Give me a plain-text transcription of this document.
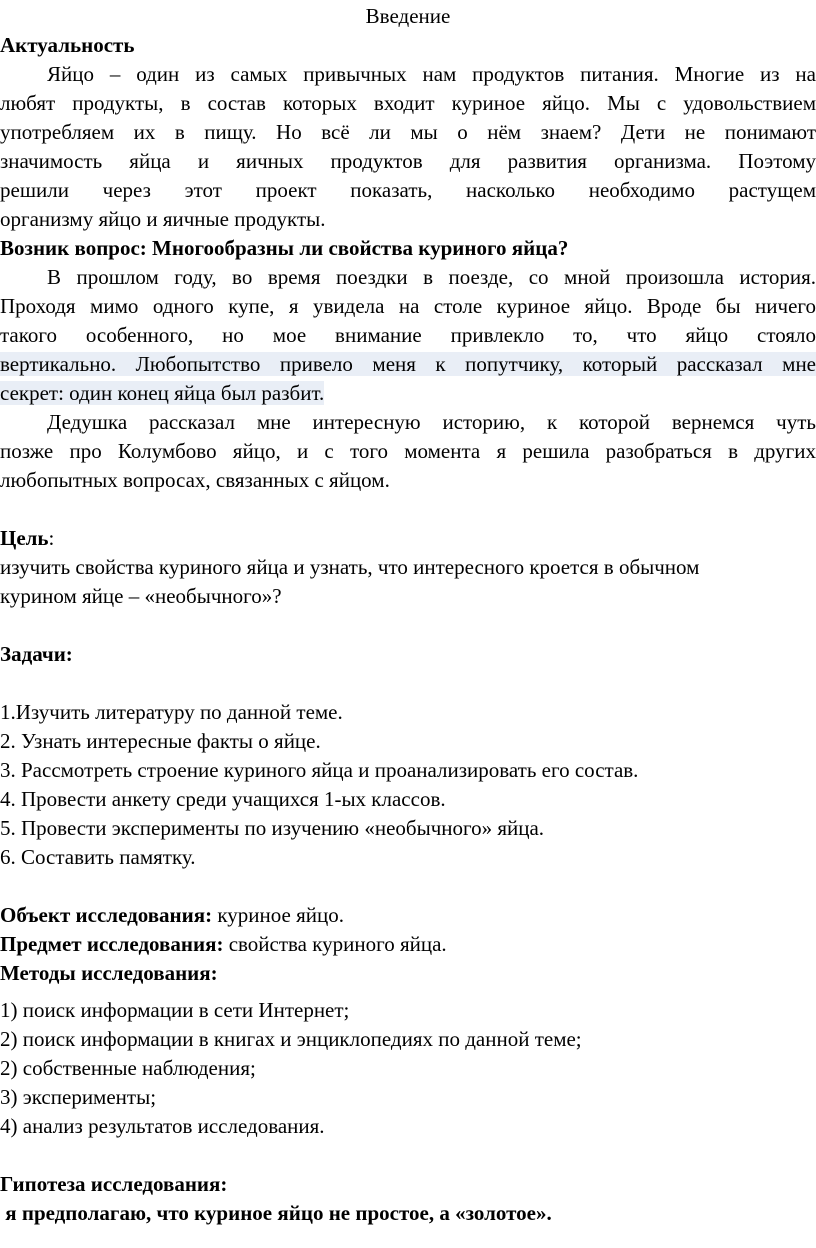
Введение
Актуальность
Яйцо – один из самых привычных нам продуктов питания. Многие из на
любят продукты, в состав которых входит куриное яйцо. Мы с удовольствием
употребляем их в пищу. Но всё ли мы о нём знаем? Дети не понимают
значимость яйца и яичных продуктов для развития организма. Поэтому
решили через этот проект показать, насколько необходимо растущем
организму яйцо и яичные продукты.
Возник вопрос: Многообразны ли свойства куриного яйца?
В прошлом году, во время поездки в поезде, со мной произошла история.
Проходя мимо одного купе, я увидела на столе куриное яйцо. Вроде бы ничего
такого особенного, но мое внимание привлекло то, что яйцо стояло
вертикально. Любопытство привело меня к попутчику, который рассказал мне
секрет: один конец яйца был разбит.
Дедушка рассказал мне интересную историю, к которой вернемся чуть
позже про Колумбово яйцо, и с того момента я решила разобраться в других
любопытных вопросах, связанных с яйцом.
Цель:
изучить свойства куриного яйца и узнать, что интересного кроется в обычном
курином яйце – «необычного»?
Задачи:
1.Изучить литературу по данной теме.
2. Узнать интересные факты о яйце.
3. Рассмотреть строение куриного яйца и проанализировать его состав.
4. Провести анкету среди учащихся 1-ых классов.
5. Провести эксперименты по изучению «необычного» яйца.
6. Составить памятку.
Объект исследования: куриное яйцо.
Предмет исследования: свойства куриного яйца.
Методы исследования:
1) поиск информации в сети Интернет;
2) поиск информации в книгах и энциклопедиях по данной теме;
2) собственные наблюдения;
3) эксперименты;
4) анализ результатов исследования.
Гипотеза исследования:
я предполагаю, что куриное яйцо не простое, а «золотое».
